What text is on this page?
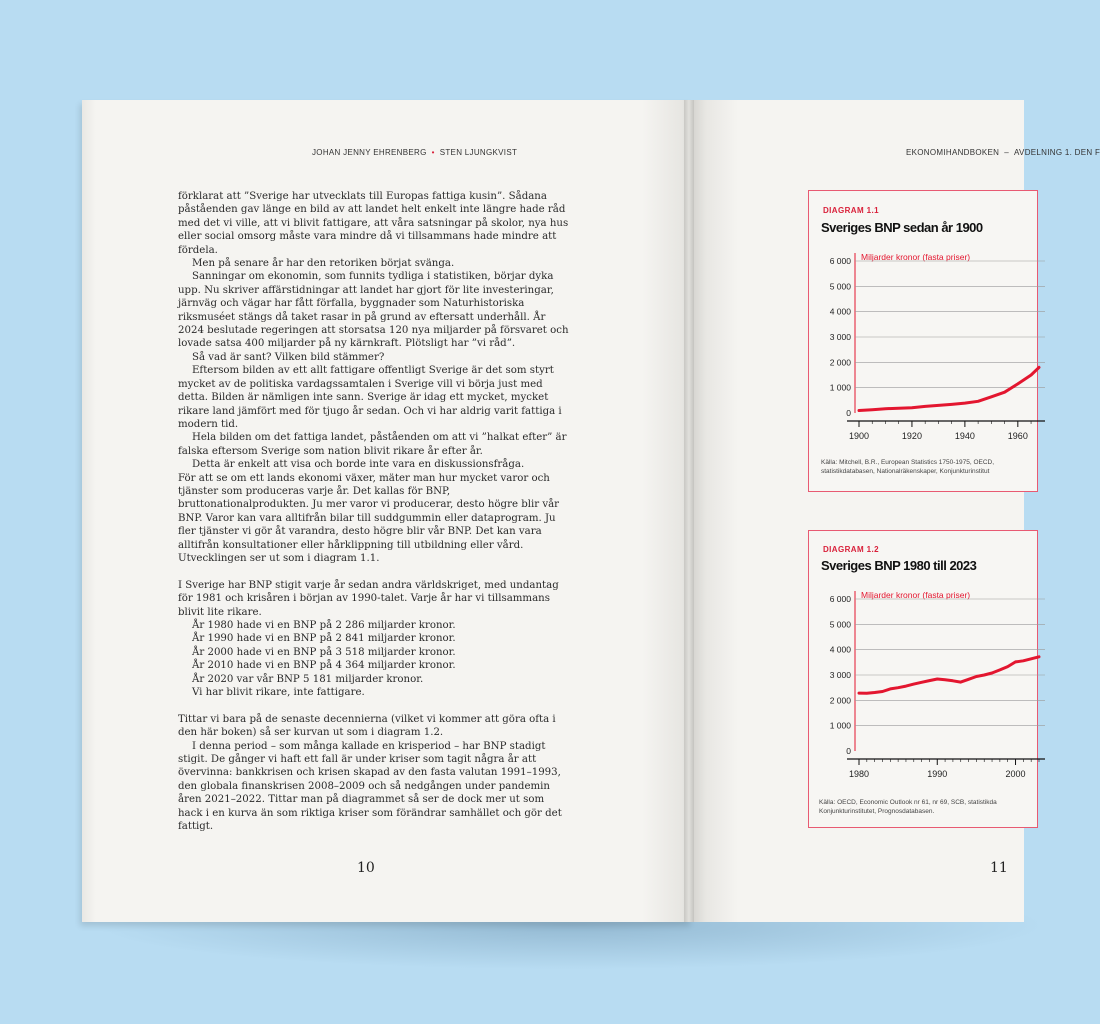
JOHAN JENNY EHRENBERG • STEN LJUNGKVIST

förklarat att ”Sverige har utvecklats till Europas fattiga kusin”. Sådana påståenden gav länge en bild av att landet helt enkelt inte längre hade råd med det vi ville, att vi blivit fattigare, att våra satsningar på skolor, nya hus eller social omsorg måste vara mindre då vi tillsammans hade mindre att fördela.

Men på senare år har den retoriken börjat svänga.

Sanningar om ekonomin, som funnits tydliga i statistiken, börjar dyka upp. Nu skriver affärstidningar att landet har gjort för lite investeringar, järnväg och vägar har fått förfalla, byggnader som Naturhistoriska riksmuséet stängs då taket rasar in på grund av eftersatt underhåll. År 2024 beslutade regeringen att storsatsa 120 nya miljarder på försvaret och lovade satsa 400 miljarder på ny kärnkraft. Plötsligt har ”vi råd”.

Så vad är sant? Vilken bild stämmer?

Eftersom bilden av ett allt fattigare offentligt Sverige är det som styrt mycket av de politiska vardagssamtalen i Sverige vill vi börja just med detta. Bilden är nämligen inte sann. Sverige är idag ett mycket, mycket rikare land jämfört med för tjugo år sedan. Och vi har aldrig varit fattiga i modern tid.

Hela bilden om det fattiga landet, påståenden om att vi ”halkat efter” är falska eftersom Sverige som nation blivit rikare år efter år.

Detta är enkelt att visa och borde inte vara en diskussionsfråga.

För att se om ett lands ekonomi växer, mäter man hur mycket varor och tjänster som produceras varje år. Det kallas för BNP, bruttonationalprodukten. Ju mer varor vi producerar, desto högre blir vår BNP. Varor kan vara alltifrån bilar till suddgummin eller dataprogram. Ju fler tjänster vi gör åt varandra, desto högre blir vår BNP. Det kan vara alltifrån konsultationer eller hårklippning till utbildning eller vård. Utvecklingen ser ut som i diagram 1.1.

I Sverige har BNP stigit varje år sedan andra världskriget, med undantag för 1981 och krisåren i början av 1990-talet. Varje år har vi tillsammans blivit lite rikare.

År 1980 hade vi en BNP på 2 286 miljarder kronor.

År 1990 hade vi en BNP på 2 841 miljarder kronor.

År 2000 hade vi en BNP på 3 518 miljarder kronor.

År 2010 hade vi en BNP på 4 364 miljarder kronor.

År 2020 var vår BNP 5 181 miljarder kronor.

Vi har blivit rikare, inte fattigare.

Tittar vi bara på de senaste decennierna (vilket vi kommer att göra ofta i den här boken) så ser kurvan ut som i diagram 1.2.

I denna period – som många kallade en krisperiod – har BNP stadigt stigit. De gånger vi haft ett fall är under kriser som tagit några år att övervinna: bankkrisen och krisen skapad av den fasta valutan 1991–1993, den globala finanskrisen 2008–2009 och så nedgången under pandemin åren 2021–2022. Tittar man på diagrammet så ser de dock mer ut som hack i en kurva än som riktiga kriser som förändrar samhället och gör det fattigt.

10
EKONOMIHANDBOKEN – AVDELNING 1. DEN F
DIAGRAM 1.1
Sveriges BNP sedan år 1900
Miljarder kronor (fasta priser)
6 000
5 000
4 000
3 000
2 000
1 000
0
1900	1920	1940	1960
Källa: Mitchell, B.R., European Statistics 1750-1975, OECD,
statistikdatabasen, Nationalräkenskaper, Konjunkturinstitut
DIAGRAM 1.2
Sveriges BNP 1980 till 2023
Miljarder kronor (fasta priser)
6 000
5 000
4 000
3 000
2 000
1 000
0
1980	1990	2000
Källa: OECD, Economic Outlook nr 61, nr 69, SCB, statistikda
Konjunkturinstitutet, Prognosdatabasen.
11
